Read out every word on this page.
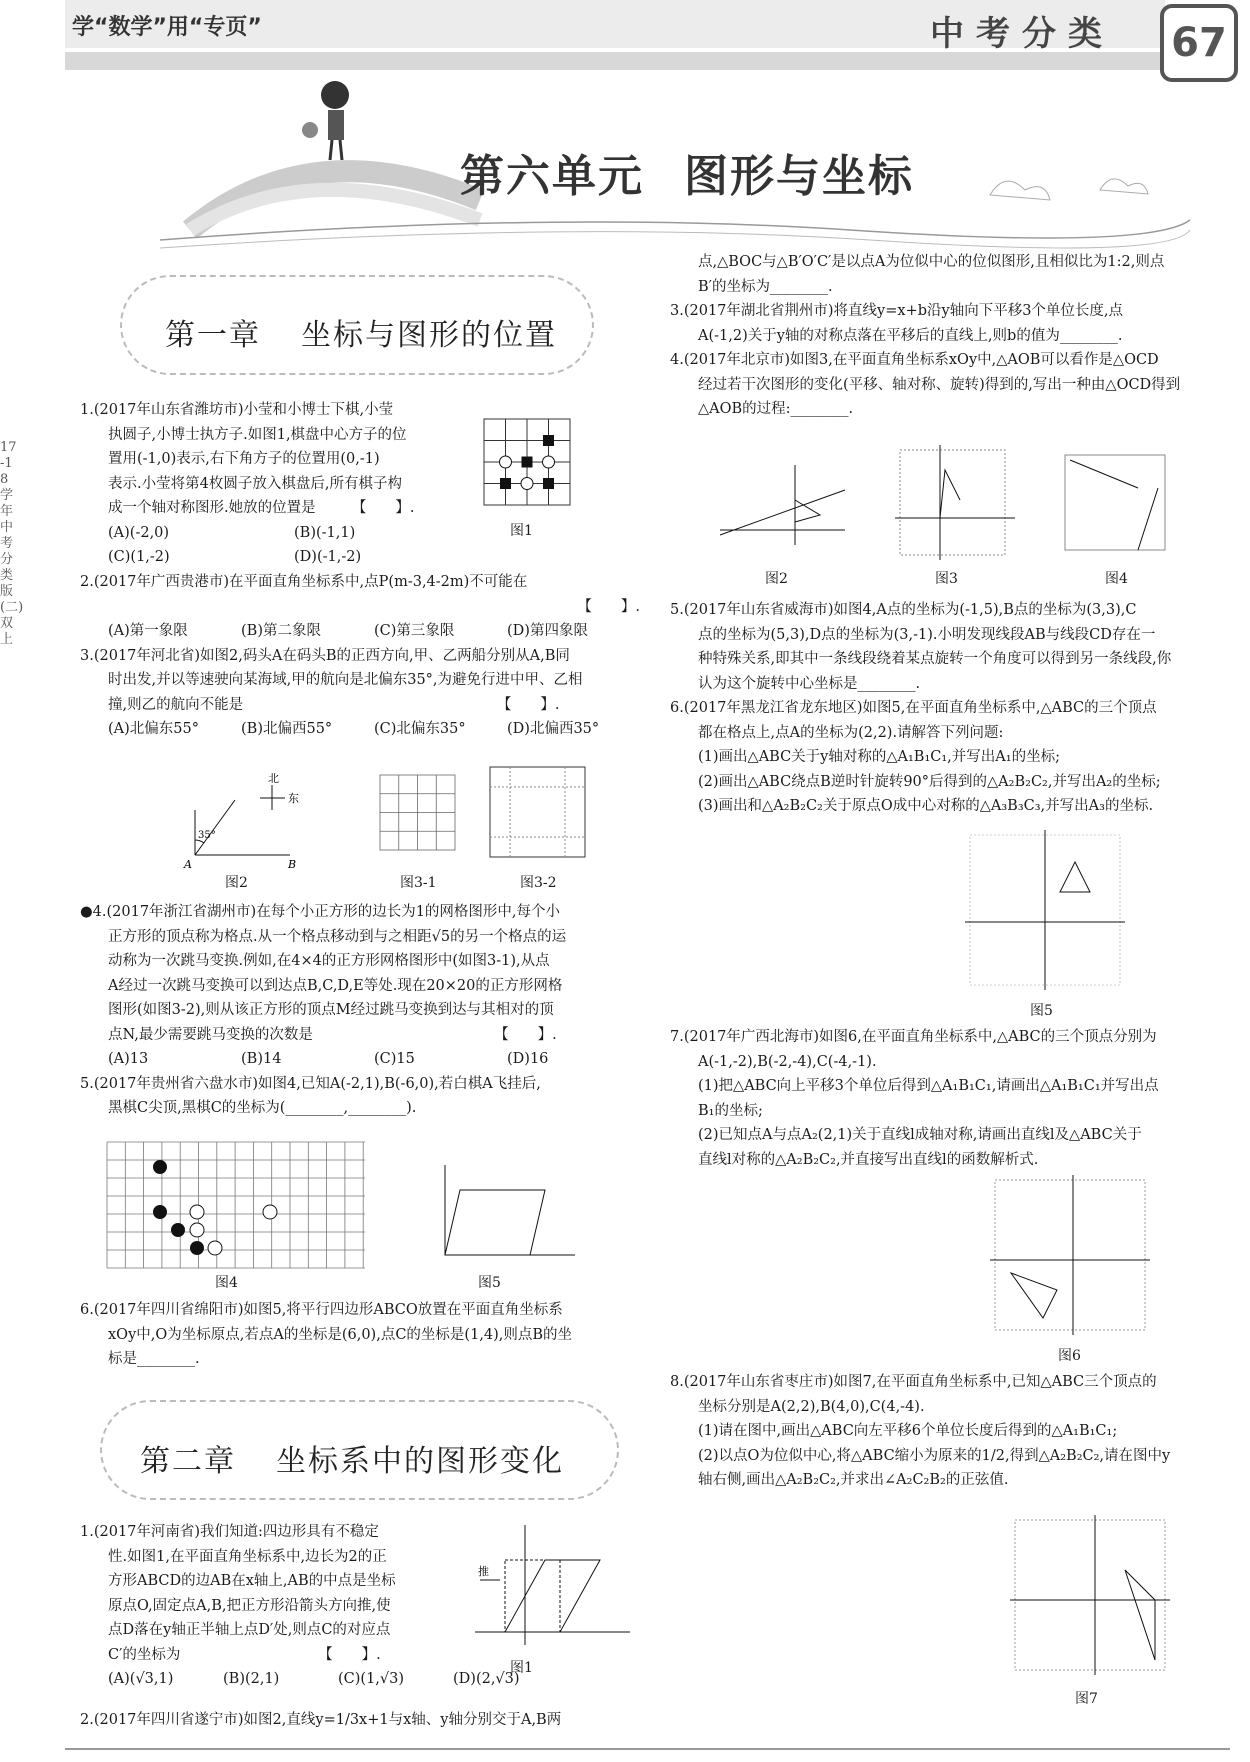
学“数学”用“专页”	中考分类 67
17-18学年中考分类版(二)双上
第六单元 图形与坐标
第一章 坐标与图形的位置

1.(2017年山东省潍坊市)小莹和小博士下棋,小莹

执圆子,小博士执方子.如图1,棋盘中心方子的位

置用(-1,0)表示,右下角方子的位置用(0,-1)

表示.小莹将第4枚圆子放入棋盘后,所有棋子构

成一个轴对称图形.她放的位置是　　　【　　】.

(A)(-2,0)	(B)(-1,1)
(C)(1,-2)	(D)(-1,-2)
图1

2.(2017年广西贵港市)在平面直角坐标系中,点P(m-3,4-2m)不可能在

【　　】.

(A)第一象限	(B)第二象限	(C)第三象限	(D)第四象限

3.(2017年河北省)如图2,码头A在码头B的正西方向,甲、乙两船分别从A,B同

时出发,并以等速驶向某海域,甲的航向是北偏东35°,为避免行进中甲、乙相

撞,则乙的航向不能是　　　　　　　　　　　　　　　　　　【　　】.

(A)北偏东55°	(B)北偏西55°	(C)北偏东35°	(D)北偏西35°
北
东
35°
A	B
图2	图3-1	图3-2

●4.(2017年浙江省湖州市)在每个小正方形的边长为1的网格图形中,每个小

正方形的顶点称为格点.从一个格点移动到与之相距√5的另一个格点的运

动称为一次跳马变换.例如,在4×4的正方形网格图形中(如图3-1),从点

A经过一次跳马变换可以到达点B,C,D,E等处.现在20×20的正方形网格

图形(如图3-2),则从该正方形的顶点M经过跳马变换到达与其相对的顶

点N,最少需要跳马变换的次数是　　　　　　　　　　　　　【　　】.

(A)13	(B)14	(C)15	(D)16

5.(2017年贵州省六盘水市)如图4,已知A(-2,1),B(-6,0),若白棋A飞挂后,

黑棋C尖顶,黑棋C的坐标为(________,________).

图4	图5

6.(2017年四川省绵阳市)如图5,将平行四边形ABCO放置在平面直角坐标系

xOy中,O为坐标原点,若点A的坐标是(6,0),点C的坐标是(1,4),则点B的坐

标是________.

第二章 坐标系中的图形变化

1.(2017年河南省)我们知道:四边形具有不稳定

性.如图1,在平面直角坐标系中,边长为2的正

方形ABCD的边AB在x轴上,AB的中点是坐标

原点O,固定点A,B,把正方形沿箭头方向推,使

点D落在y轴正半轴上点D′处,则点C的对应点

C′的坐标为　　　　　　　　　　【　　】.

(A)(√3,1)	(B)(2,1)	(C)(1,√3)	(D)(2,√3)
推
图1

2.(2017年四川省遂宁市)如图2,直线y=1/3x+1与x轴、y轴分别交于A,B两

点,△BOC与△B′O′C′是以点A为位似中心的位似图形,且相似比为1:2,则点

B′的坐标为________.

3.(2017年湖北省荆州市)将直线y=x+b沿y轴向下平移3个单位长度,点

A(-1,2)关于y轴的对称点落在平移后的直线上,则b的值为________.

4.(2017年北京市)如图3,在平面直角坐标系xOy中,△AOB可以看作是△OCD

经过若干次图形的变化(平移、轴对称、旋转)得到的,写出一种由△OCD得到

△AOB的过程:________.

图2	图3	图4

5.(2017年山东省威海市)如图4,A点的坐标为(-1,5),B点的坐标为(3,3),C

点的坐标为(5,3),D点的坐标为(3,-1).小明发现线段AB与线段CD存在一

种特殊关系,即其中一条线段绕着某点旋转一个角度可以得到另一条线段,你

认为这个旋转中心坐标是________.

6.(2017年黑龙江省龙东地区)如图5,在平面直角坐标系中,△ABC的三个顶点

都在格点上,点A的坐标为(2,2).请解答下列问题:

(1)画出△ABC关于y轴对称的△A₁B₁C₁,并写出A₁的坐标;

(2)画出△ABC绕点B逆时针旋转90°后得到的△A₂B₂C₂,并写出A₂的坐标;

(3)画出和△A₂B₂C₂关于原点O成中心对称的△A₃B₃C₃,并写出A₃的坐标.

图5

7.(2017年广西北海市)如图6,在平面直角坐标系中,△ABC的三个顶点分别为

A(-1,-2),B(-2,-4),C(-4,-1).

(1)把△ABC向上平移3个单位后得到△A₁B₁C₁,请画出△A₁B₁C₁并写出点

B₁的坐标;

(2)已知点A与点A₂(2,1)关于直线l成轴对称,请画出直线l及△ABC关于

直线l对称的△A₂B₂C₂,并直接写出直线l的函数解析式.

图6

8.(2017年山东省枣庄市)如图7,在平面直角坐标系中,已知△ABC三个顶点的

坐标分别是A(2,2),B(4,0),C(4,-4).

(1)请在图中,画出△ABC向左平移6个单位长度后得到的△A₁B₁C₁;

(2)以点O为位似中心,将△ABC缩小为原来的1/2,得到△A₂B₂C₂,请在图中y

轴右侧,画出△A₂B₂C₂,并求出∠A₂C₂B₂的正弦值.

图7
